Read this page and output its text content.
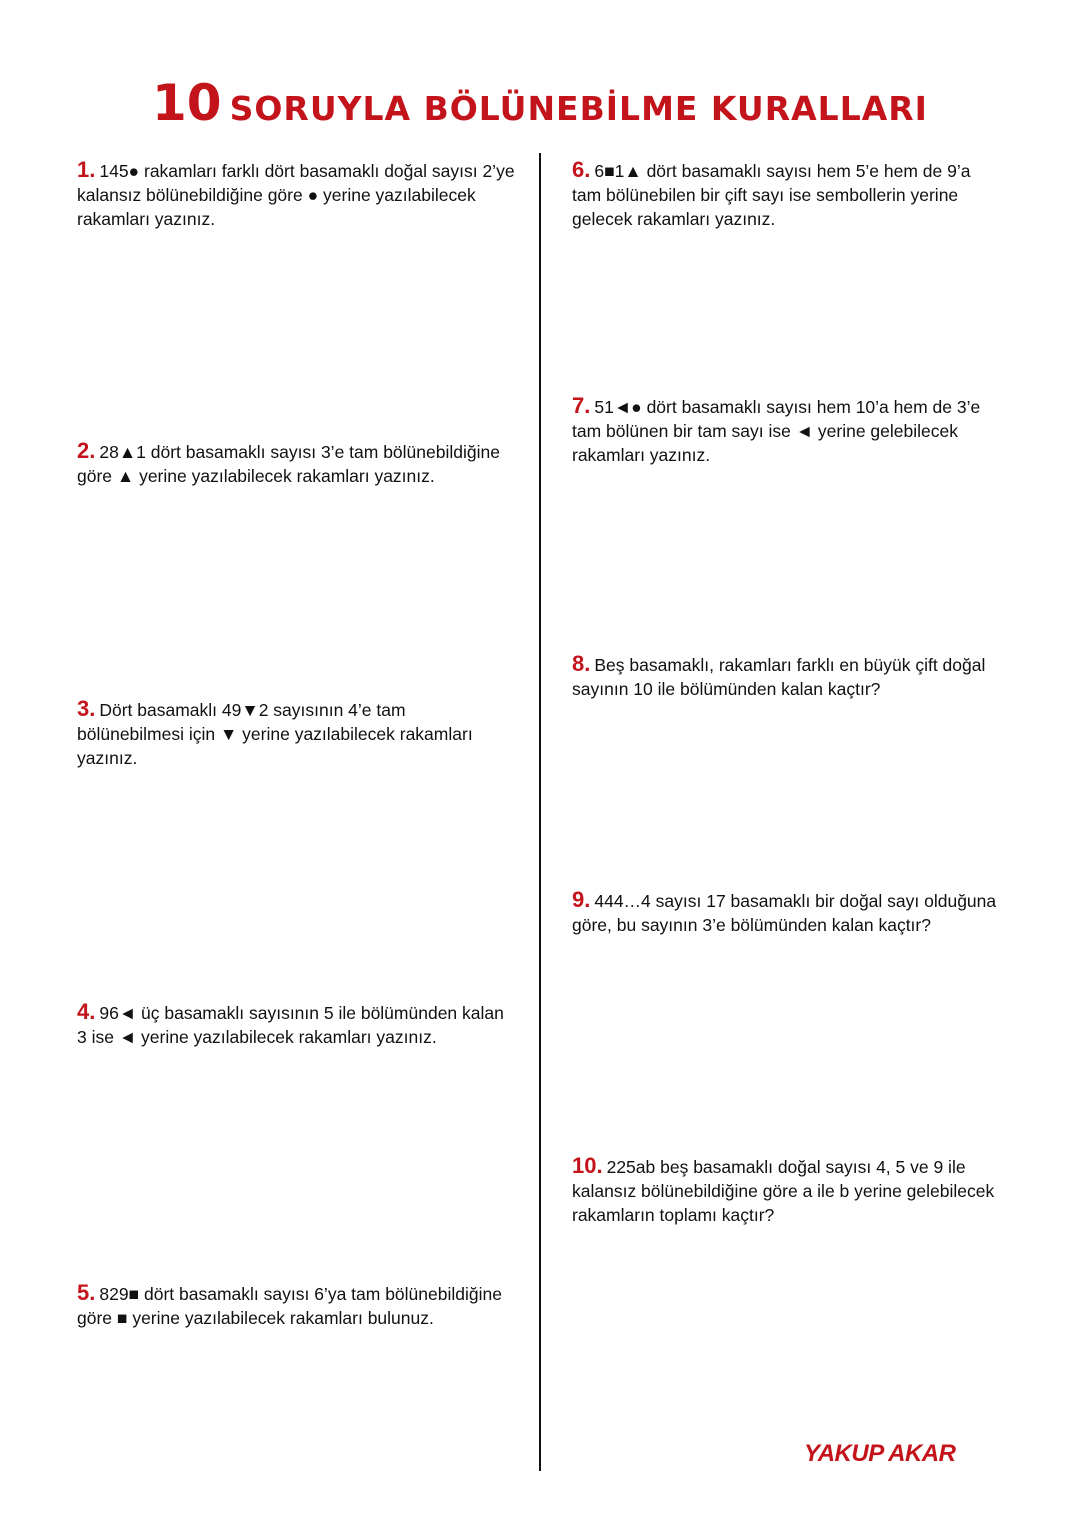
10 SORUYLA BÖLÜNEBİLME KURALLARI
1. 145● rakamları farklı dört basamaklı doğal sayısı 2’ye kalansız bölünebildiğine göre ● yerine yazılabilecek rakamları yazınız.
2. 28▲1 dört basamaklı sayısı 3’e tam bölünebildiğine göre ▲ yerine yazılabilecek rakamları yazınız.
3. Dört basamaklı 49▼2 sayısının 4’e tam bölünebilmesi için ▼ yerine yazılabilecek rakamları yazınız.
4. 96◄ üç basamaklı sayısının 5 ile bölümünden kalan 3 ise ◄ yerine yazılabilecek rakamları yazınız.
5. 829■ dört basamaklı sayısı 6’ya tam bölünebildiğine göre ■ yerine yazılabilecek rakamları bulunuz.
6. 6■1▲ dört basamaklı sayısı hem 5’e hem de 9’a tam bölünebilen bir çift sayı ise sembollerin yerine gelecek rakamları yazınız.
7. 51◄● dört basamaklı sayısı hem 10’a hem de 3’e tam bölünen bir tam sayı ise ◄ yerine gelebilecek rakamları yazınız.
8. Beş basamaklı, rakamları farklı en büyük çift doğal sayının 10 ile bölümünden kalan kaçtır?
9. 444…4 sayısı 17 basamaklı bir doğal sayı olduğuna göre, bu sayının 3’e bölümünden kalan kaçtır?
10. 225ab beş basamaklı doğal sayısı 4, 5 ve 9 ile kalansız bölünebildiğine göre a ile b yerine gelebilecek rakamların toplamı kaçtır?
YAKUP AKAR
